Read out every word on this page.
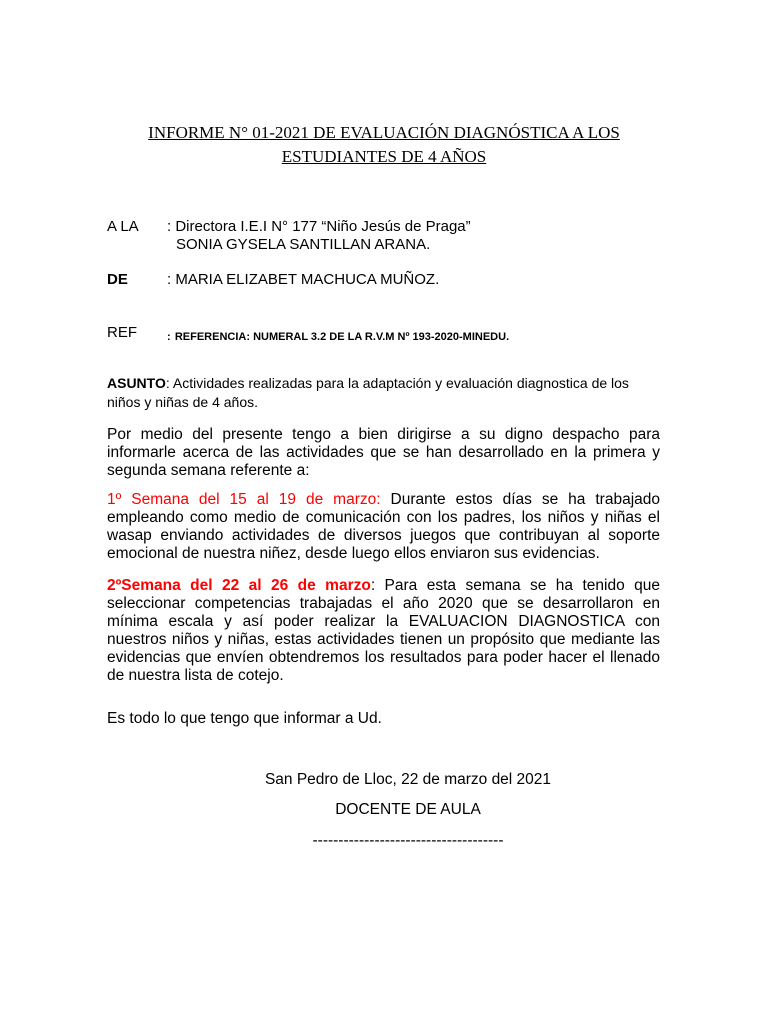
INFORME N° 01-2021 DE EVALUACIÓN DIAGNÓSTICA A LOS
ESTUDIANTES DE 4 AÑOS
A LA : Directora I.E.I N° 177 “Niño Jesús de Praga”
SONIA GYSELA SANTILLAN ARANA.
DE	: MARIA ELIZABET MACHUCA MUÑOZ.
REF	$_:$ $_{REFERENCIA: NUMERAL 3.2 DE LA R.V.M Nº 193-2020-MINEDU.}$
ASUNTO: Actividades realizadas para la adaptación y evaluación diagnostica de los niños y niñas de 4 años.
Por medio del presente tengo a bien dirigirse a su digno despacho para informarle acerca de las actividades que se han desarrollado en la primera y segunda semana referente a:
1º Semana del 15 al 19 de marzo: Durante estos días se ha trabajado empleando como medio de comunicación con los padres, los niños y niñas el wasap enviando actividades de diversos juegos que contribuyan al soporte emocional de nuestra niñez, desde luego ellos enviaron sus evidencias.
2ºSemana del 22 al 26 de marzo: Para esta semana se ha tenido que seleccionar competencias trabajadas el año 2020 que se desarrollaron en mínima escala y así poder realizar la EVALUACION DIAGNOSTICA con nuestros niños y niñas, estas actividades tienen un propósito que mediante las evidencias que envíen obtendremos los resultados para poder hacer el llenado de nuestra lista de cotejo.
Es todo lo que tengo que informar a Ud.
San Pedro de Lloc, 22 de marzo del 2021
DOCENTE DE AULA
-------------------------------------
